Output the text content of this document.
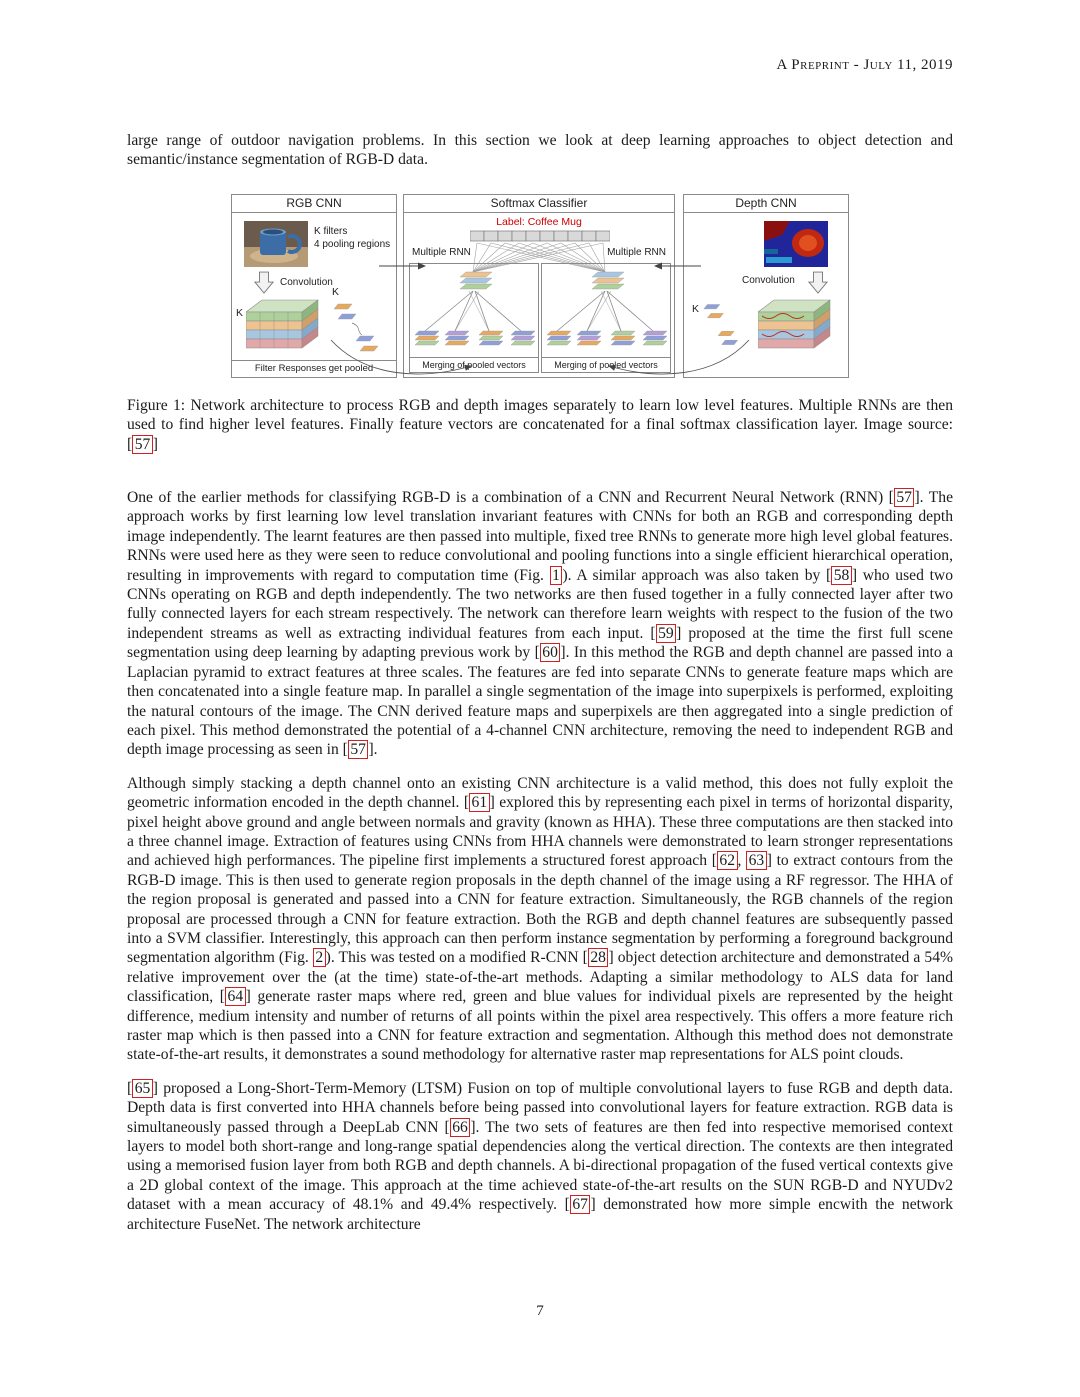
A Preprint - July 11, 2019

large range of outdoor navigation problems. In this section we look at deep learning approaches to object detection and semantic/instance segmentation of RGB-D data.

RGB CNN
K filters
4 pooling regions
Convolution
K
K
Filter Responses get pooled
Softmax Classifier
Label: Coffee Mug
Multiple RNN	Multiple RNN
Merging of pooled vectors	Merging of pooled vectors
Depth CNN
Convolution
K
Figure 1: Network architecture to process RGB and depth images separately to learn low level features. Multiple RNNs are then used to find higher level features. Finally feature vectors are concatenated for a final softmax classification layer. Image source: [ 57 ]

One of the earlier methods for classifying RGB-D is a combination of a CNN and Recurrent Neural Network (RNN) [ 57 ]. The approach works by first learning low level translation invariant features with CNNs for both an RGB and corresponding depth image independently. The learnt features are then passed into multiple, fixed tree RNNs to generate more high level global features. RNNs were used here as they were seen to reduce convolutional and pooling functions into a single efficient hierarchical operation, resulting in improvements with regard to computation time (Fig. 1 ). A similar approach was also taken by [ 58 ] who used two CNNs operating on RGB and depth independently. The two networks are then fused together in a fully connected layer after two fully connected layers for each stream respectively. The network can therefore learn weights with respect to the fusion of the two independent streams as well as extracting individual features from each input. [ 59 ] proposed at the time the first full scene segmentation using deep learning by adapting previous work by [ 60 ]. In this method the RGB and depth channel are passed into a Laplacian pyramid to extract features at three scales. The features are fed into separate CNNs to generate feature maps which are then concatenated into a single feature map. In parallel a single segmentation of the image into superpixels is performed, exploiting the natural contours of the image. The CNN derived feature maps and superpixels are then aggregated into a single prediction of each pixel. This method demonstrated the potential of a 4-channel CNN architecture, removing the need to independent RGB and depth image processing as seen in [ 57 ].

Although simply stacking a depth channel onto an existing CNN architecture is a valid method, this does not fully exploit the geometric information encoded in the depth channel. [ 61 ] explored this by representing each pixel in terms of horizontal disparity, pixel height above ground and angle between normals and gravity (known as HHA). These three computations are then stacked into a three channel image. Extraction of features using CNNs from HHA channels were demonstrated to learn stronger representations and achieved high performances. The pipeline first implements a structured forest approach [ 62 , 63 ] to extract contours from the RGB-D image. This is then used to generate region proposals in the depth channel of the image using a RF regressor. The HHA of the region proposal is generated and passed into a CNN for feature extraction. Simultaneously, the RGB channels of the region proposal are processed through a CNN for feature extraction. Both the RGB and depth channel features are subsequently passed into a SVM classifier. Interestingly, this approach can then perform instance segmentation by performing a foreground background segmentation algorithm (Fig. 2 ). This was tested on a modified R-CNN [ 28 ] object detection architecture and demonstrated a 54% relative improvement over the (at the time) state-of-the-art methods. Adapting a similar methodology to ALS data for land classification, [ 64 ] generate raster maps where red, green and blue values for individual pixels are represented by the height difference, medium intensity and number of returns of all points within the pixel area respectively. This offers a more feature rich raster map which is then passed into a CNN for feature extraction and segmentation. Although this method does not demonstrate state-of-the-art results, it demonstrates a sound methodology for alternative raster map representations for ALS point clouds.

[ 65 ] proposed a Long-Short-Term-Memory (LTSM) Fusion on top of multiple convolutional layers to fuse RGB and depth data. Depth data is first converted into HHA channels before being passed into convolutional layers for feature extraction. RGB data is simultaneously passed through a DeepLab CNN [ 66 ]. The two sets of features are then fed into respective memorised context layers to model both short-range and long-range spatial dependencies along the vertical direction. The contexts are then integrated using a memorised fusion layer from both RGB and depth channels. A bi-directional propagation of the fused vertical contexts give a 2D global context of the image. This approach at the time achieved state-of-the-art results on the SUN RGB-D and NYUDv2 dataset with a mean accuracy of 48.1% and 49.4% respectively. [ 67 ] demonstrated how more simple encwith the network architecture FuseNet. The network architecture

7
